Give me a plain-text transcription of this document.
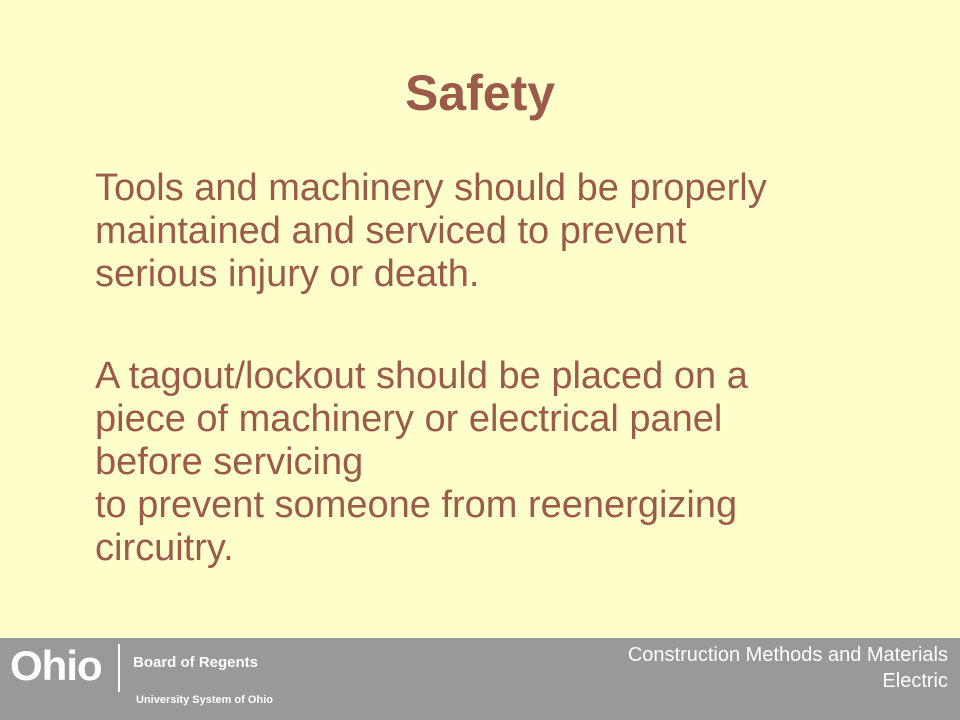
Safety
Tools and machinery should be properly
maintained and serviced to prevent
serious injury or death.
A tagout/lockout should be placed on a
piece of machinery or electrical panel
before servicing
to prevent someone from reenergizing
circuitry.
Ohio Board of Regents
University System of Ohio
Construction Methods and Materials
Electric
